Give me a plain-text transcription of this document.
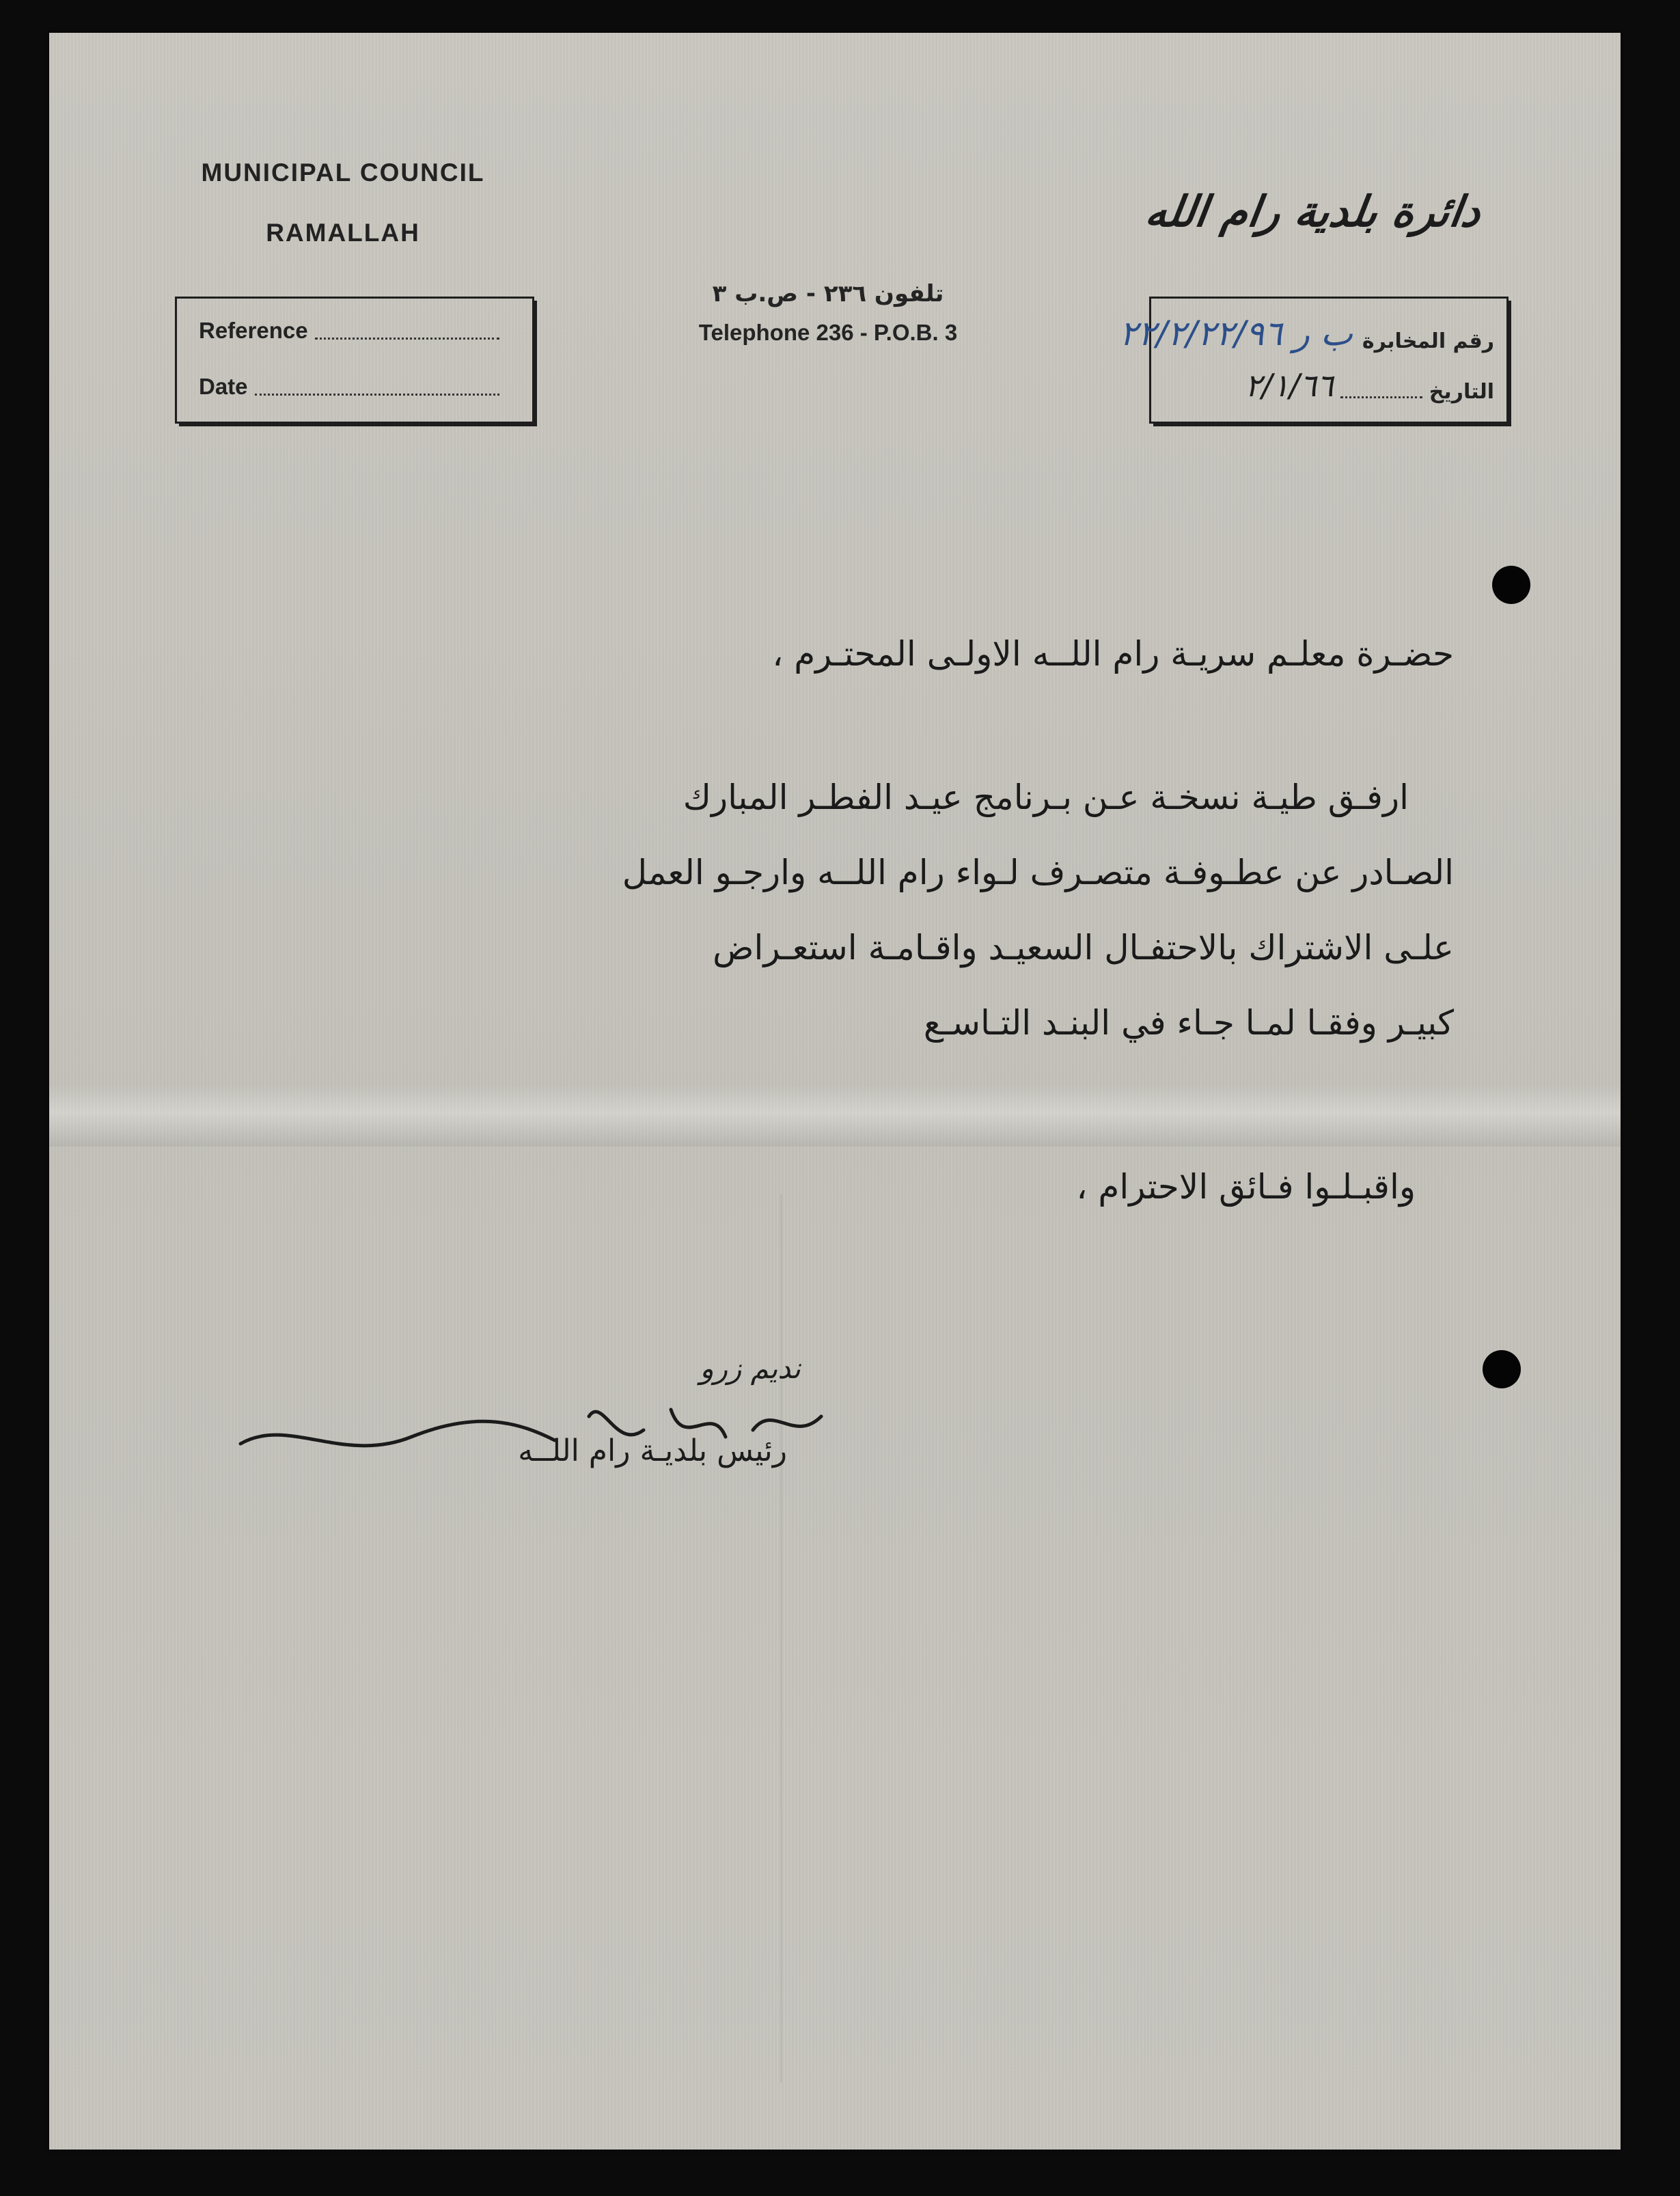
MUNICIPAL COUNCIL
RAMALLAH	دائرة بلدية رام الله
تلفون ٢٣٦ - ص.ب ٣
Telephone 236 - P.O.B. 3
Reference
Date
رقم المخابرة
ب ر ٢٢/٢/٢٢/٩٦
التاريخ
٢/١/٦٦
حضـرة معلـم سريـة رام اللــه الاولـى المحتـرم ،
ارفـق طيـة نسخـة عـن بـرنامج عيـد الفطـر المبارك
الصـادر عن عطـوفـة متصـرف لـواء رام اللــه وارجـو العمل
علـى الاشتراك بالاحتفـال السعيـد واقـامـة استعـراض
كبيـر وفقـا لمـا جـاء في البنـد التـاسـع
واقبـلـوا فـائق الاحترام ،
نديم زرو
رئيس بلديـة رام اللــه
